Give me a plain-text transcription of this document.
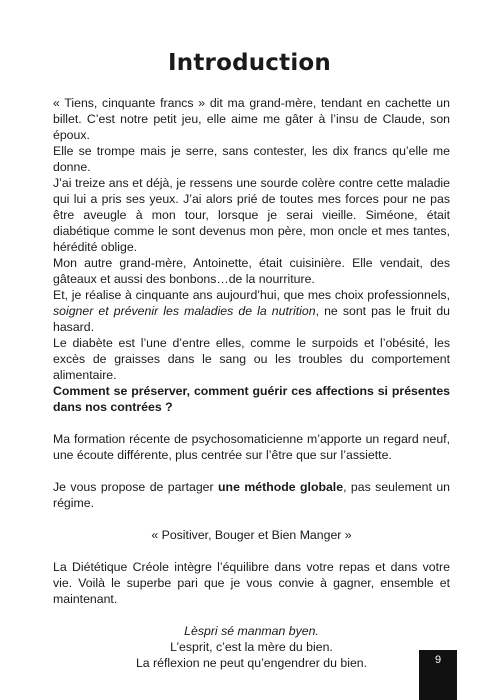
Introduction

« Tiens, cinquante francs » dit ma grand-mère, tendant en cachette un billet. C’est notre petit jeu, elle aime me gâter à l’insu de Claude, son époux.

Elle se trompe mais je serre, sans contester, les dix francs qu’elle me donne.

J’ai treize ans et déjà, je ressens une sourde colère contre cette maladie qui lui a pris ses yeux. J’ai alors prié de toutes mes forces pour ne pas être aveugle à mon tour, lorsque je serai vieille. Siméone, était diabétique comme le sont devenus mon père, mon oncle et mes tantes, hérédité oblige.

Mon autre grand-mère, Antoinette, était cuisinière. Elle vendait, des gâteaux et aussi des bonbons…de la nourriture.

Et, je réalise à cinquante ans aujourd’hui, que mes choix professionnels, soigner et prévenir les maladies de la nutrition, ne sont pas le fruit du hasard.

Le diabète est l’une d’entre elles, comme le surpoids et l’obésité, les excès de graisses dans le sang ou les troubles du comportement alimentaire.

Comment se préserver, comment guérir ces affections si présentes dans nos contrées ?

Ma formation récente de psychosomaticienne m’apporte un regard neuf, une écoute différente, plus centrée sur l’être que sur l’assiette.

Je vous propose de partager une méthode globale, pas seulement un régime.

« Positiver, Bouger et Bien Manger »

La Diététique Créole intègre l’équilibre dans votre repas et dans votre vie. Voilà le superbe pari que je vous convie à gagner, ensemble et maintenant.

Lèspri sé manman byen.

L’esprit, c’est la mère du bien.

La réflexion ne peut qu’engendrer du bien.	9
